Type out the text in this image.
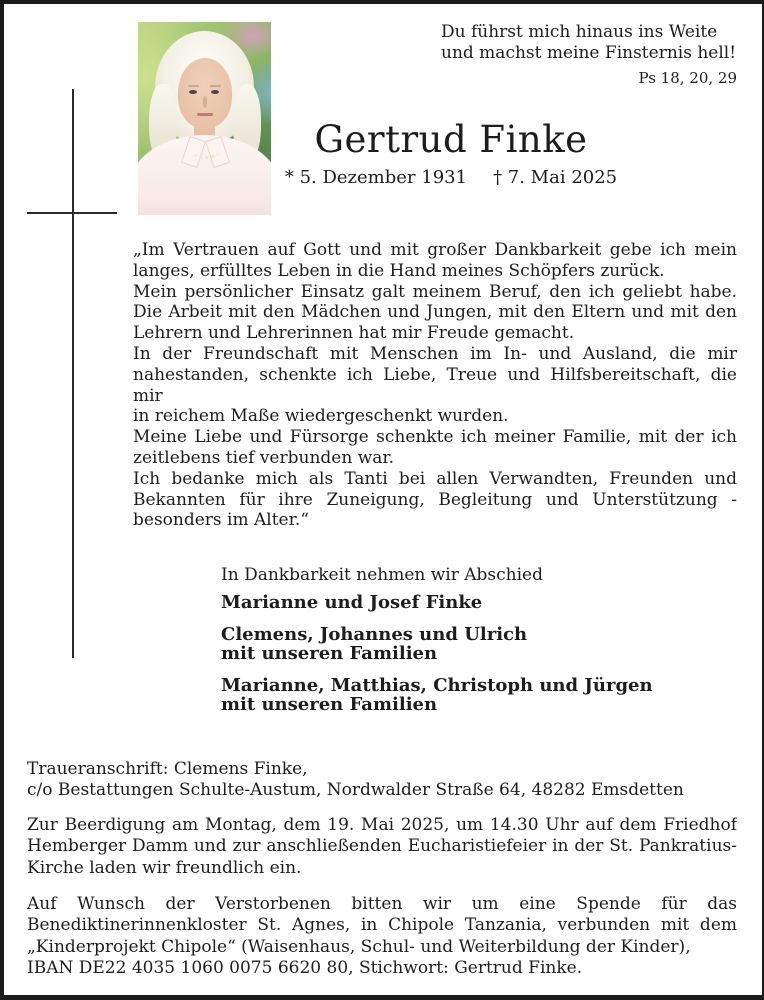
Du führst mich hinaus ins Weite
und machst meine Finsternis hell!
Ps 18, 20, 29
Gertrud Finke
* 5. Dezember 1931 † 7. Mai 2025
„Im Vertrauen auf Gott und mit großer Dankbarkeit gebe ich mein
langes, erfülltes Leben in die Hand meines Schöpfers zurück.
Mein persönlicher Einsatz galt meinem Beruf, den ich geliebt habe.
Die Arbeit mit den Mädchen und Jungen, mit den Eltern und mit den
Lehrern und Lehrerinnen hat mir Freude gemacht.
In der Freundschaft mit Menschen im In- und Ausland, die mir
nahestanden, schenkte ich Liebe, Treue und Hilfsbereitschaft, die mir
in reichem Maße wiedergeschenkt wurden.
Meine Liebe und Fürsorge schenkte ich meiner Familie, mit der ich
zeitlebens tief verbunden war.
Ich bedanke mich als Tanti bei allen Verwandten, Freunden und
Bekannten für ihre Zuneigung, Begleitung und Unterstützung -
besonders im Alter.“
In Dankbarkeit nehmen wir Abschied
Marianne und Josef Finke
Clemens, Johannes und Ulrich
mit unseren Familien
Marianne, Matthias, Christoph und Jürgen
mit unseren Familien
Traueranschrift: Clemens Finke,
c/o Bestattungen Schulte-Austum, Nordwalder Straße 64, 48282 Emsdetten
Zur Beerdigung am Montag, dem 19. Mai 2025, um 14.30 Uhr auf dem Friedhof
Hemberger Damm und zur anschließenden Eucharistiefeier in der St. Pankratius-
Kirche laden wir freundlich ein.
Auf Wunsch der Verstorbenen bitten wir um eine Spende für das
Benediktinerinnenkloster St. Agnes, in Chipole Tanzania, verbunden mit dem
„Kinderprojekt Chipole“ (Waisenhaus, Schul- und Weiterbildung der Kinder),
IBAN DE22 4035 1060 0075 6620 80, Stichwort: Gertrud Finke.
